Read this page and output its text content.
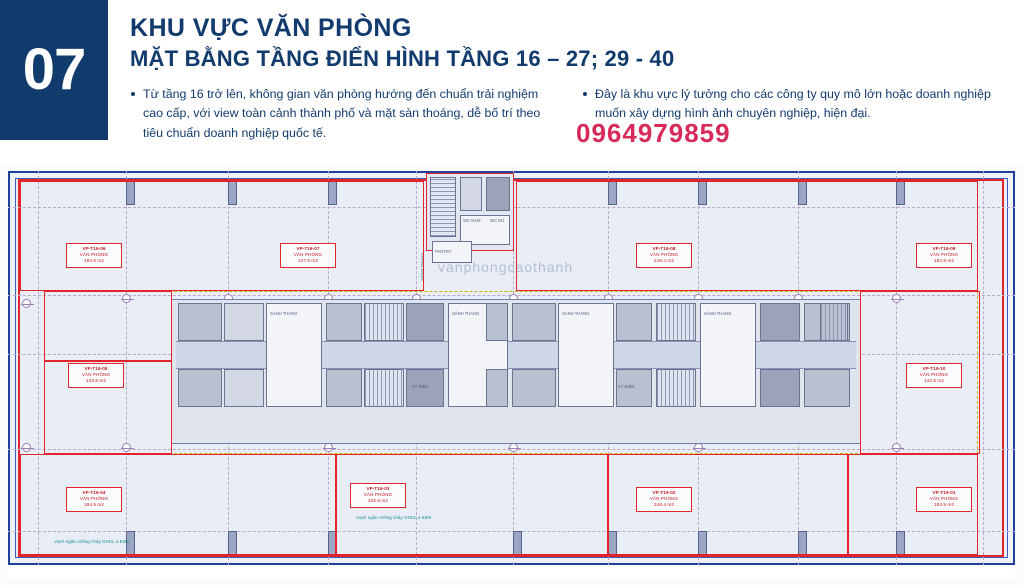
07
KHU VỰC VĂN PHÒNG
MẶT BẰNG TẦNG ĐIỂN HÌNH TẦNG 16 – 27; 29 - 40
Từ tầng 16 trở lên, không gian văn phòng hướng đến chuẩn trải nghiệm cao cấp, với view toàn cảnh thành phố và mặt sàn thoáng, dễ bố trí theo tiêu chuẩn doanh nghiệp quốc tế.
Đây là khu vực lý tưởng cho các công ty quy mô lớn hoặc doanh nghiệp muốn xây dựng hình ảnh chuyên nghiệp, hiện đại.
0964979859
WC NAM WC NỮ
PANTRY
SẢNH THANG
SẢNH THANG
KT ĐIỆN
SẢNH THANG	SẢNH THANG
KT ĐIỆN
SẢNH THANG
VP-T16-06
VĂN PHÒNG
184.9 m2
VP-T16-07
VĂN PHÒNG
147.8 m2
VP-T16-08
VĂN PHÒNG
248.4 m2
VP-T16-09
VĂN PHÒNG
184.9 m2
VP-T16-05
VĂN PHÒNG
143.8 m2
VP-T16-10
VĂN PHÒNG
142.8 m2
VP-T16-04
VĂN PHÒNG
184.9 m2
VP-T16-03
VĂN PHÒNG
225.8 m2
VP-T16-02
VĂN PHÒNG
248.4 m2
VP-T16-01
VĂN PHÒNG
184.9 m2
Vạch ngăn chống cháy GHCL ≥ EI60
Vạch ngăn chống cháy GHCL ≥ EI60
vanphongcaothanh
